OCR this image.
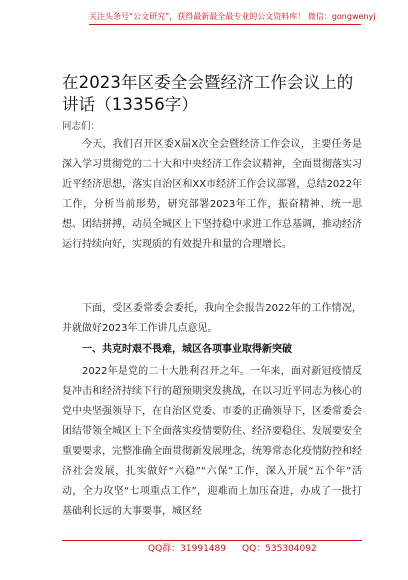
关注头条号“公文研究”，获得最新最全最专业的公文资料库！ 微信：gongwenyj
在2023年区委全会暨经济工作会议上的讲话（13356字）
同志们：
今天，我们召开区委X届X次全会暨经济工作会议，主要任务是深入学习贯彻党的二十大和中央经济工作会议精神，全面贯彻落实习近平经济思想，落实自治区和XX市经济工作会议部署，总结2022年工作，分析当前形势，研究部署2023年工作，振奋精神、统一思想、团结拼搏，动员全城区上下坚持稳中求进工作总基调，推动经济运行持续向好，实现质的有效提升和量的合理增长。
下面，受区委常委会委托，我向全会报告2022年的工作情况，并就做好2023年工作讲几点意见。
一、共克时艰不畏难，城区各项事业取得新突破
2022年是党的二十大胜利召开之年。一年来，面对新冠疫情反复冲击和经济持续下行的超预期突发挑战，在以习近平同志为核心的党中央坚强领导下，在自治区党委、市委的正确领导下，区委常委会团结带领全城区上下全面落实疫情要防住、经济要稳住、发展要安全重要要求，完整准确全面贯彻新发展理念，统筹常态化疫情防控和经济社会发展，扎实做好“六稳”“六保”工作，深入开展“五个年”活动，全力攻坚“七项重点工作”，迎难而上加压奋进，办成了一批打基础利长远的大事要事，城区经
QQ群：31991489 QQ：535304092
